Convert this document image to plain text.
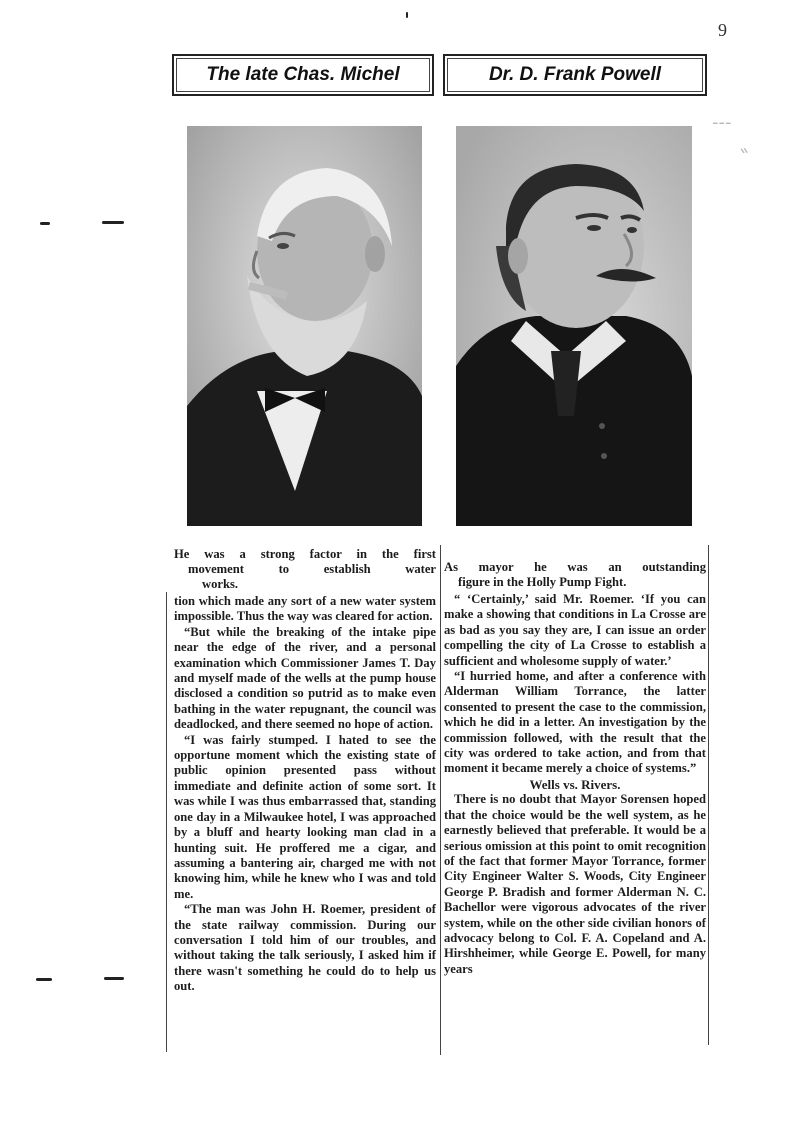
9
‐‐‐
⸗
The late Chas. Michel	Dr. D. Frank Powell
He was a strong factor in the first
movement to establish water
works.
As mayor he was an outstanding
figure in the Holly Pump Fight.

tion which made any sort of a new water system impossible. Thus the way was cleared for action.

“But while the breaking of the intake pipe near the edge of the river, and a personal examination which Commissioner James T. Day and myself made of the wells at the pump house disclosed a condition so putrid as to make even bathing in the water repugnant, the council was deadlocked, and there seemed no hope of action.

“I was fairly stumped. I hated to see the opportune moment which the existing state of public opinion presented pass without immediate and definite action of some sort. It was while I was thus embarrassed that, standing one day in a Milwaukee hotel, I was approached by a bluff and hearty looking man clad in a hunting suit. He proffered me a cigar, and assuming a bantering air, charged me with not knowing him, while he knew who I was and told me.

“The man was John H. Roemer, president of the state railway commission. During our conversation I told him of our troubles, and without taking the talk seriously, I asked him if there wasn't something he could do to help us out.

“ ‘Certainly,’ said Mr. Roemer. ‘If you can make a showing that conditions in La Crosse are as bad as you say they are, I can issue an order compelling the city of La Crosse to establish a sufficient and wholesome supply of water.’

“I hurried home, and after a conference with Alderman William Torrance, the latter consented to present the case to the commission, which he did in a letter. An investigation by the commission followed, with the result that the city was ordered to take action, and from that moment it became merely a choice of systems.”

Wells vs. Rivers.

There is no doubt that Mayor Sorensen hoped that the choice would be the well system, as he earnestly believed that preferable. It would be a serious omission at this point to omit recognition of the fact that former Mayor Torrance, former City Engineer Walter S. Woods, City Engineer George P. Bradish and former Alderman N. C. Bachellor were vigorous advocates of the river system, while on the other side civilian honors of advocacy belong to Col. F. A. Copeland and A. Hirshheimer, while George E. Powell, for many years
